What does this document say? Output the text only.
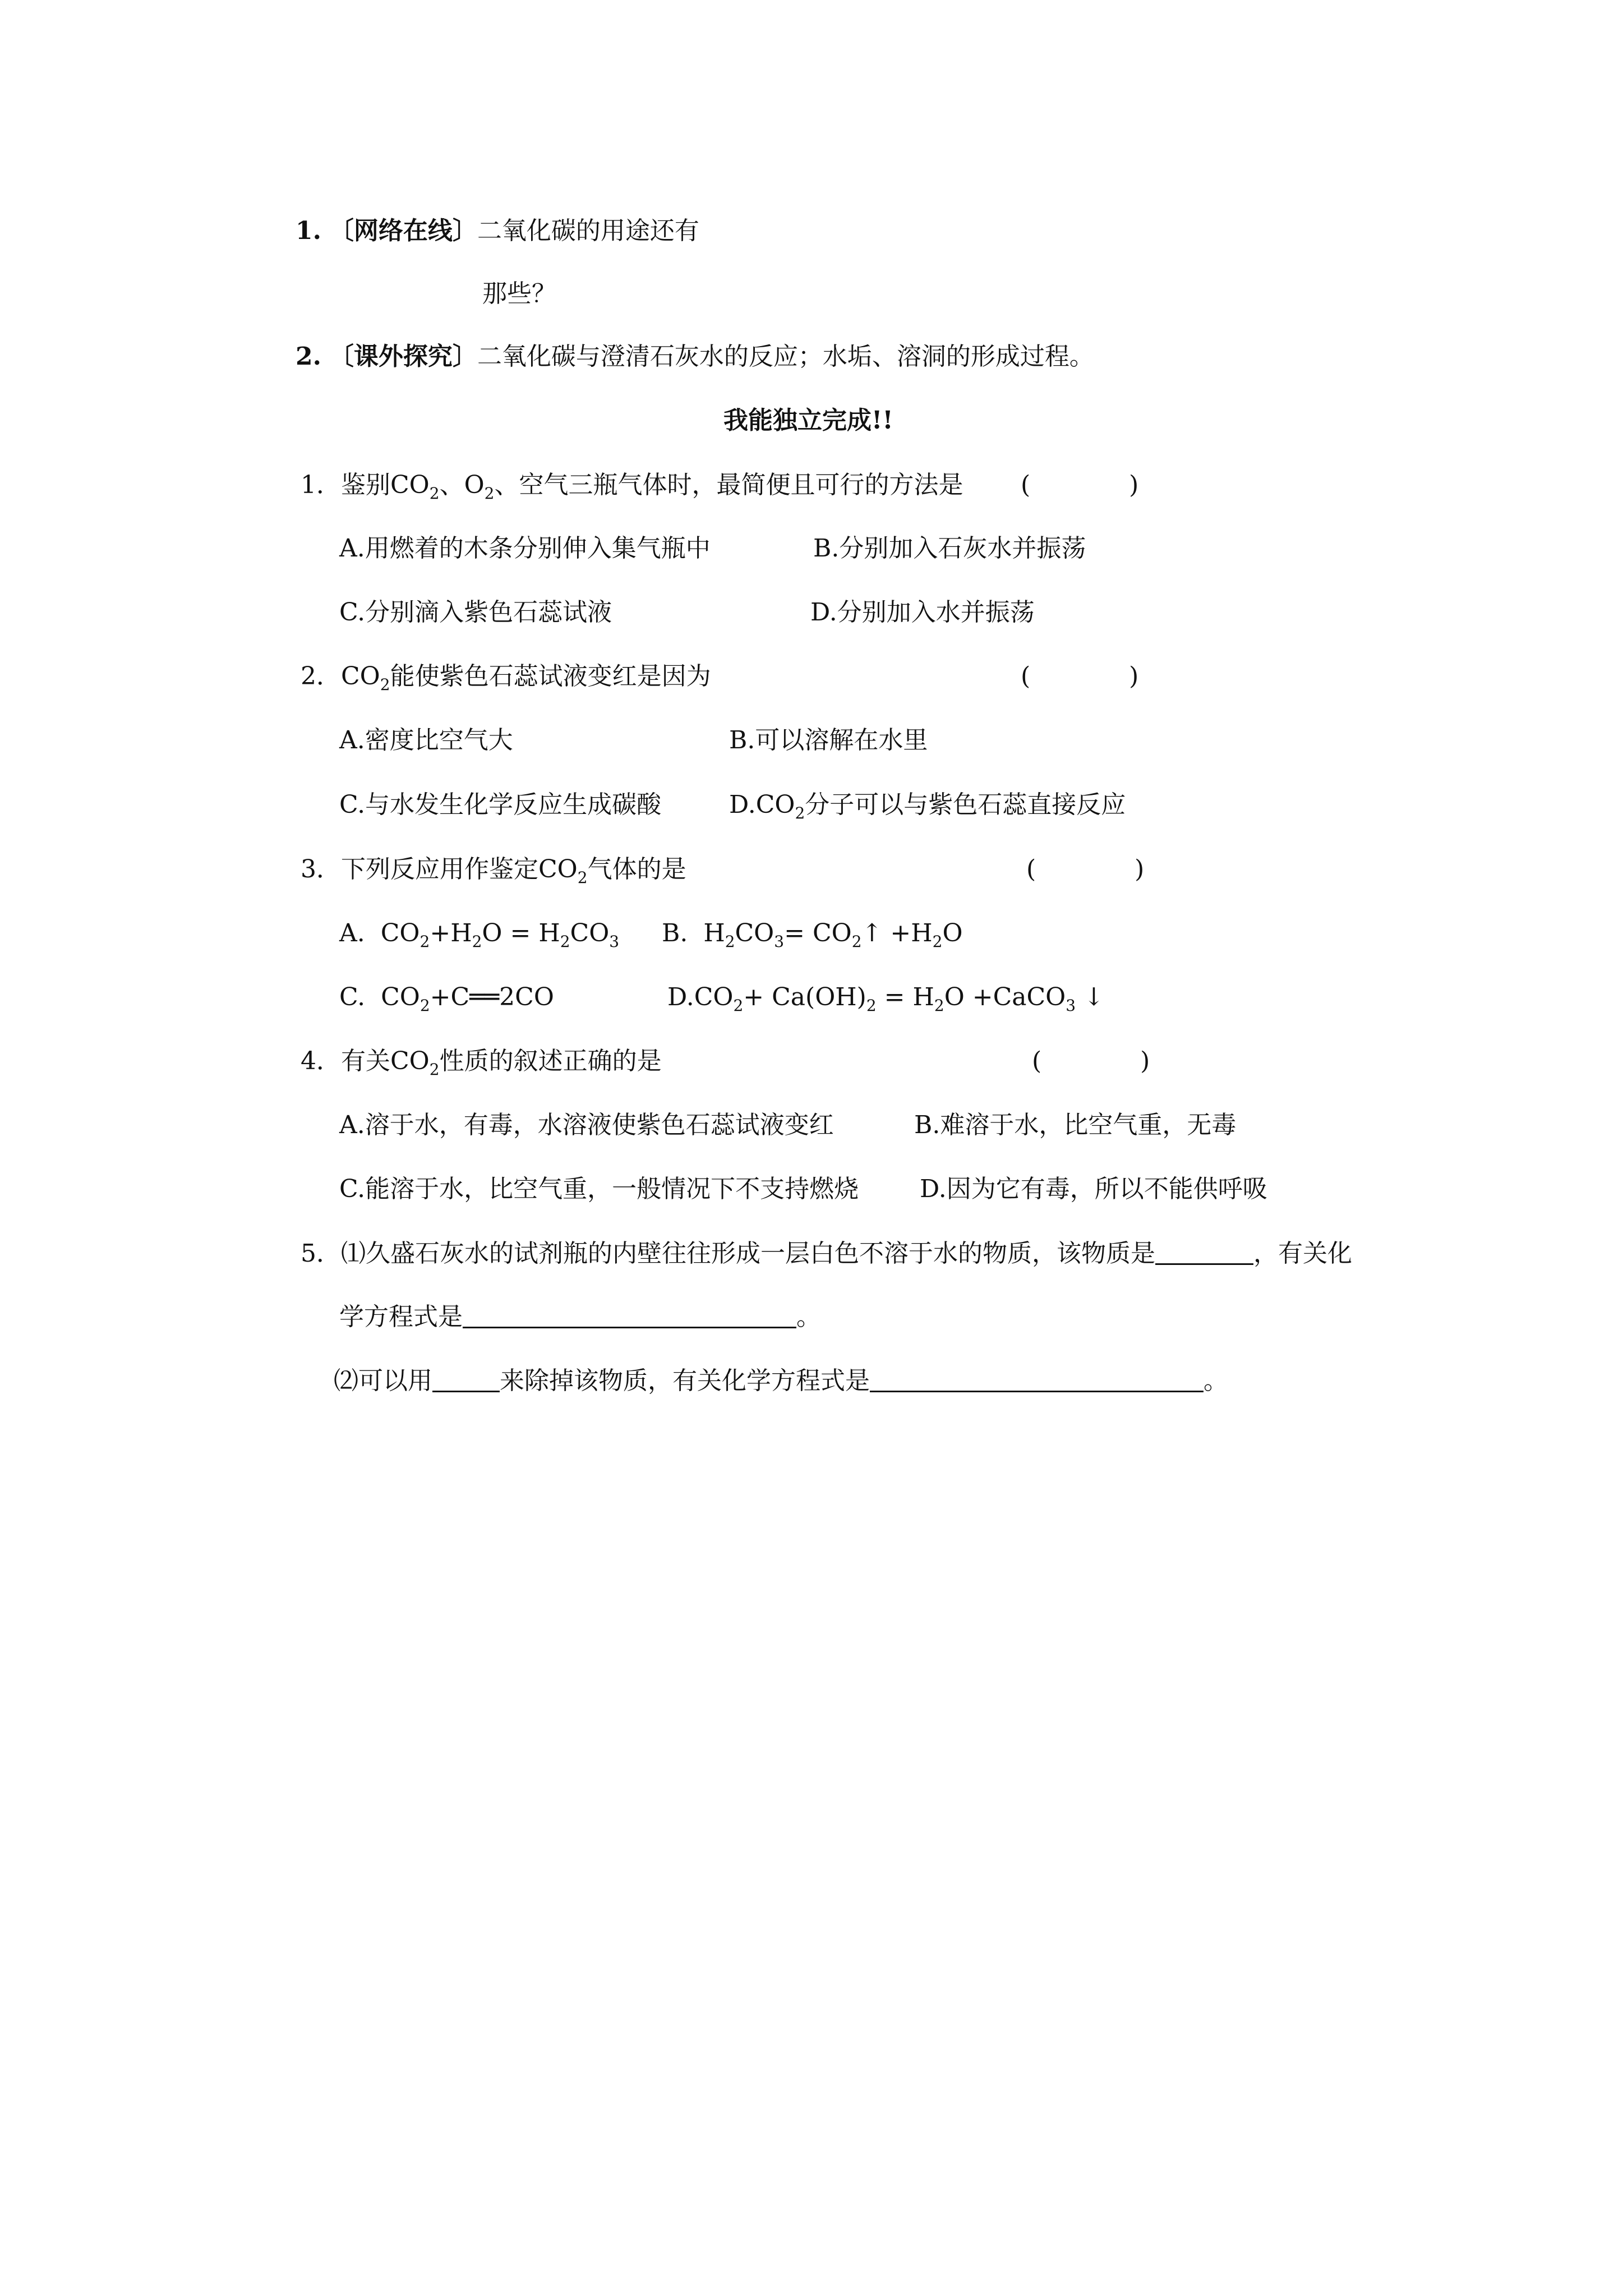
1. 〔网络在线〕二氧化碳的用途还有
那些？
2. 〔课外探究〕二氧化碳与澄清石灰水的反应；水垢、溶洞的形成过程。
我能独立完成!!
1．鉴别$CO_2$、$O_2$、空气三瓶气体时，最简便且可行的方法是 (　　　　)
A.用燃着的木条分别伸入集气瓶中	B.分别加入石灰水并振荡
C.分别滴入紫色石蕊试液	D.分别加入水并振荡
2．$CO_2$能使紫色石蕊试液变红是因为	(　　　　)
A.密度比空气大	B.可以溶解在水里
C.与水发生化学反应生成碳酸	$D.CO_2$分子可以与紫色石蕊直接反应
3．下列反应用作鉴定$CO_2$气体的是	(　　　　)
A. $CO_2+H_2O = H_2CO_3$ B. $H_2CO_3=$ $CO_2↑ +H_2O$
C. $CO_2+C══2CO$	$D.CO_2+ Ca(OH)_2 = H_2O$ +CaCO$_3$ ↓
4．有关$CO_2$性质的叙述正确的是	(　　　　)
A.溶于水，有毒，水溶液使紫色石蕊试液变红	B.难溶于水，比空气重，无毒
C.能溶于水，比空气重，一般情况下不支持燃烧 D.因为它有毒，所以不能供呼吸
5．⑴久盛石灰水的试剂瓶的内壁往往形成一层白色不溶于水的物质，该物质是	，有关化
学方程式是	。
⑵可以用	来除掉该物质，有关化学方程式是	。
